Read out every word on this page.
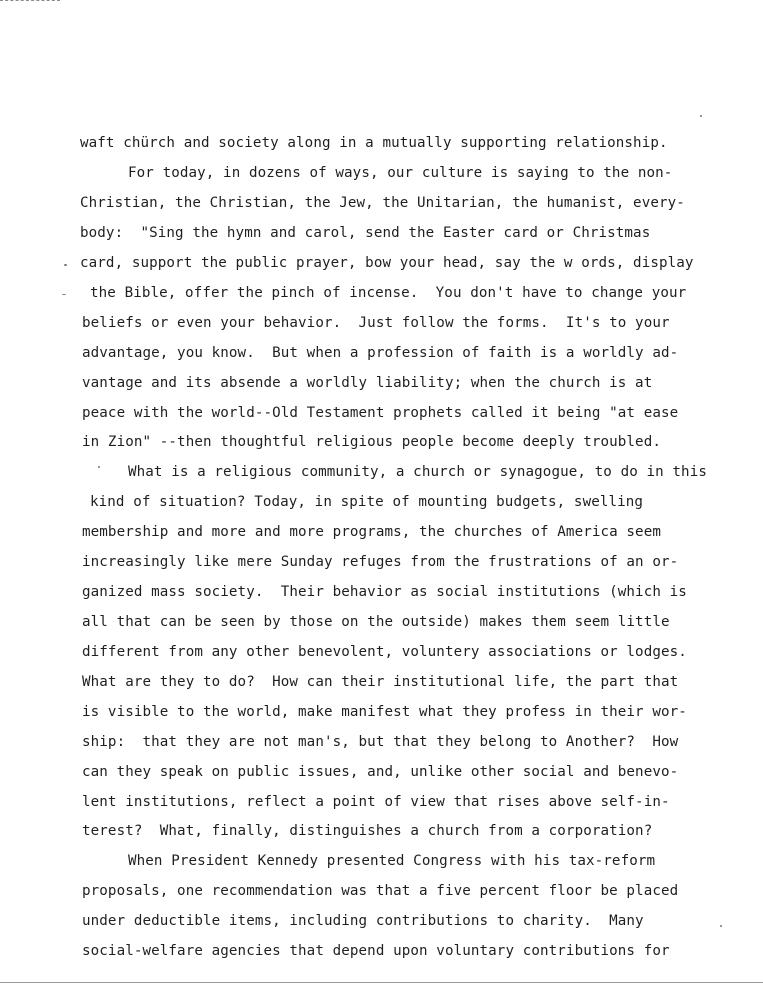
waft chürch and society along in a mutually supporting relationship.
For today, in dozens of ways, our culture is saying to the non-
Christian, the Christian, the Jew, the Unitarian, the humanist, every-
body:  "Sing the hymn and carol, send the Easter card or Christmas
card, support the public prayer, bow your head, say the w ords, display
the Bible, offer the pinch of incense.  You don't have to change your
beliefs or even your behavior.  Just follow the forms.  It's to your
advantage, you know.  But when a profession of faith is a worldly ad-
vantage and its absende a worldly liability; when the church is at
peace with the world--Old Testament prophets called it being "at ease
in Zion" --then thoughtful religious people become deeply troubled.
What is a religious community, a church or synagogue, to do in this
kind of situation? Today, in spite of mounting budgets, swelling
membership and more and more programs, the churches of America seem
increasingly like mere Sunday refuges from the frustrations of an or-
ganized mass society.  Their behavior as social institutions (which is
all that can be seen by those on the outside) makes them seem little
different from any other benevolent, voluntery associations or lodges.
What are they to do?  How can their institutional life, the part that
is visible to the world, make manifest what they profess in their wor-
ship:  that they are not man's, but that they belong to Another?  How
can they speak on public issues, and, unlike other social and benevo-
lent institutions, reflect a point of view that rises above self-in-
terest?  What, finally, distinguishes a church from a corporation?
When President Kennedy presented Congress with his tax-reform
proposals, one recommendation was that a five percent floor be placed
under deductible items, including contributions to charity.  Many
social-welfare agencies that depend upon voluntary contributions for
